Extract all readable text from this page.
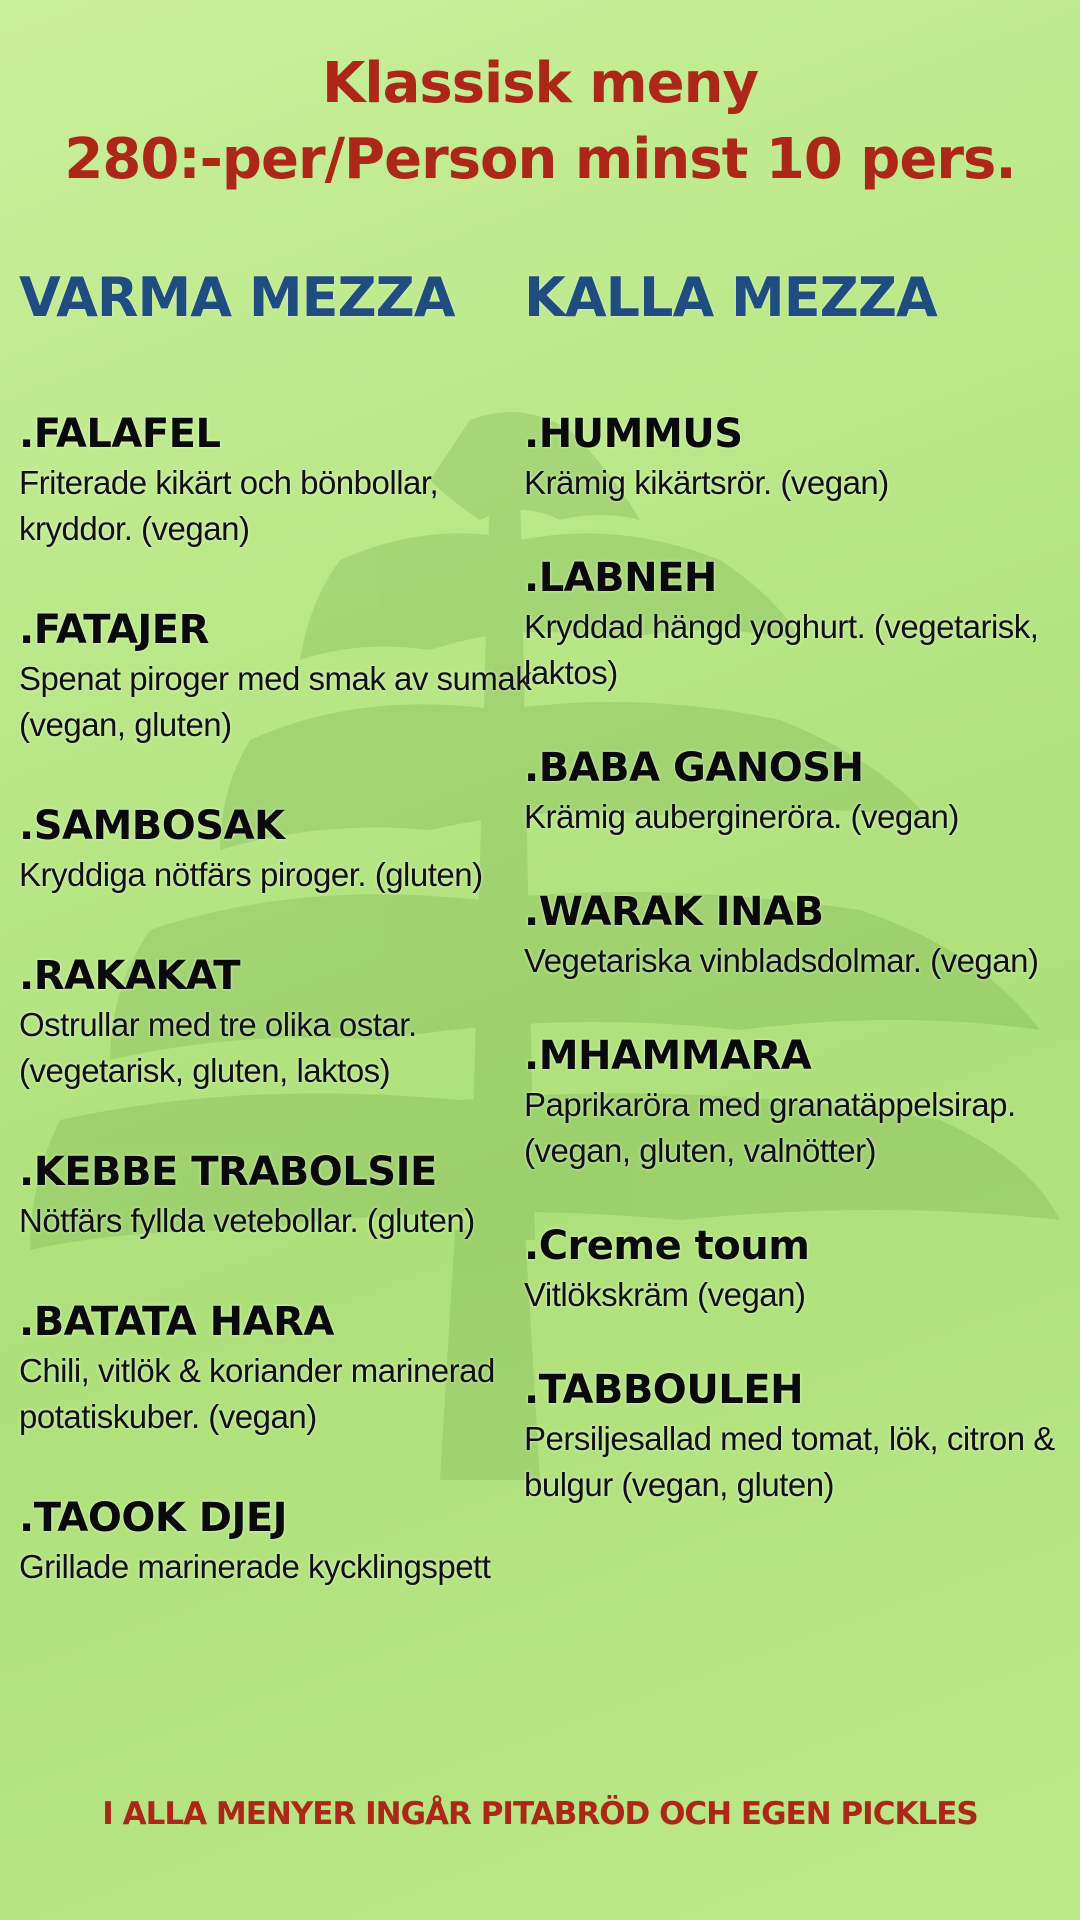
Klassisk meny
280:-per/Person minst 10 pers.
VARMA MEZZA
.FALAFEL
Friterade kikärt och bönbollar, kryddor. (vegan)
.FATAJER
Spenat piroger med smak av sumak (vegan, gluten)
.SAMBOSAK
Kryddiga nötfärs piroger. (gluten)
.RAKAKAT
Ostrullar med tre olika ostar. (vegetarisk, gluten, laktos)
.KEBBE TRABOLSIE
Nötfärs fyllda vetebollar. (gluten)
.BATATA HARA
Chili, vitlök & koriander marinerad potatiskuber. (vegan)
.TAOOK DJEJ
Grillade marinerade kycklingspett
KALLA MEZZA
.HUMMUS
Krämig kikärtsrör. (vegan)
.LABNEH
Kryddad hängd yoghurt. (vegetarisk, laktos)
.BABA GANOSH
Krämig aubergineröra. (vegan)
.WARAK INAB
Vegetariska vinbladsdolmar. (vegan)
.MHAMMARA
Paprikaröra med granatäppelsirap. (vegan, gluten, valnötter)
.Creme toum
Vitlökskräm (vegan)
.TABBOULEH
Persiljesallad med tomat, lök, citron & bulgur (vegan, gluten)
I ALLA MENYER INGÅR PITABRÖD OCH EGEN PICKLES
